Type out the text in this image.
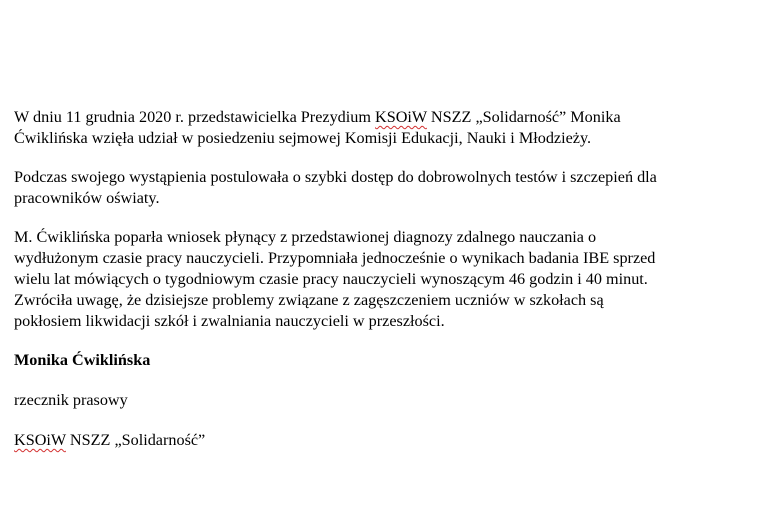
W dniu 11 grudnia 2020 r. przedstawicielka Prezydium KSOiW NSZZ „Solidarność” Monika
Ćwiklińska wzięła udział w posiedzeniu sejmowej Komisji Edukacji, Nauki i Młodzieży.

Podczas swojego wystąpienia postulowała o szybki dostęp do dobrowolnych testów i szczepień dla
pracowników oświaty.

M. Ćwiklińska poparła wniosek płynący z przedstawionej diagnozy zdalnego nauczania o
wydłużonym czasie pracy nauczycieli. Przypomniała jednocześnie o wynikach badania IBE sprzed
wielu lat mówiących o tygodniowym czasie pracy nauczycieli wynoszącym 46 godzin i 40 minut.
Zwróciła uwagę, że dzisiejsze problemy związane z zagęszczeniem uczniów w szkołach są
pokłosiem likwidacji szkół i zwalniania nauczycieli w przeszłości.

Monika Ćwiklińska

rzecznik prasowy

KSOiW NSZZ „Solidarność”
